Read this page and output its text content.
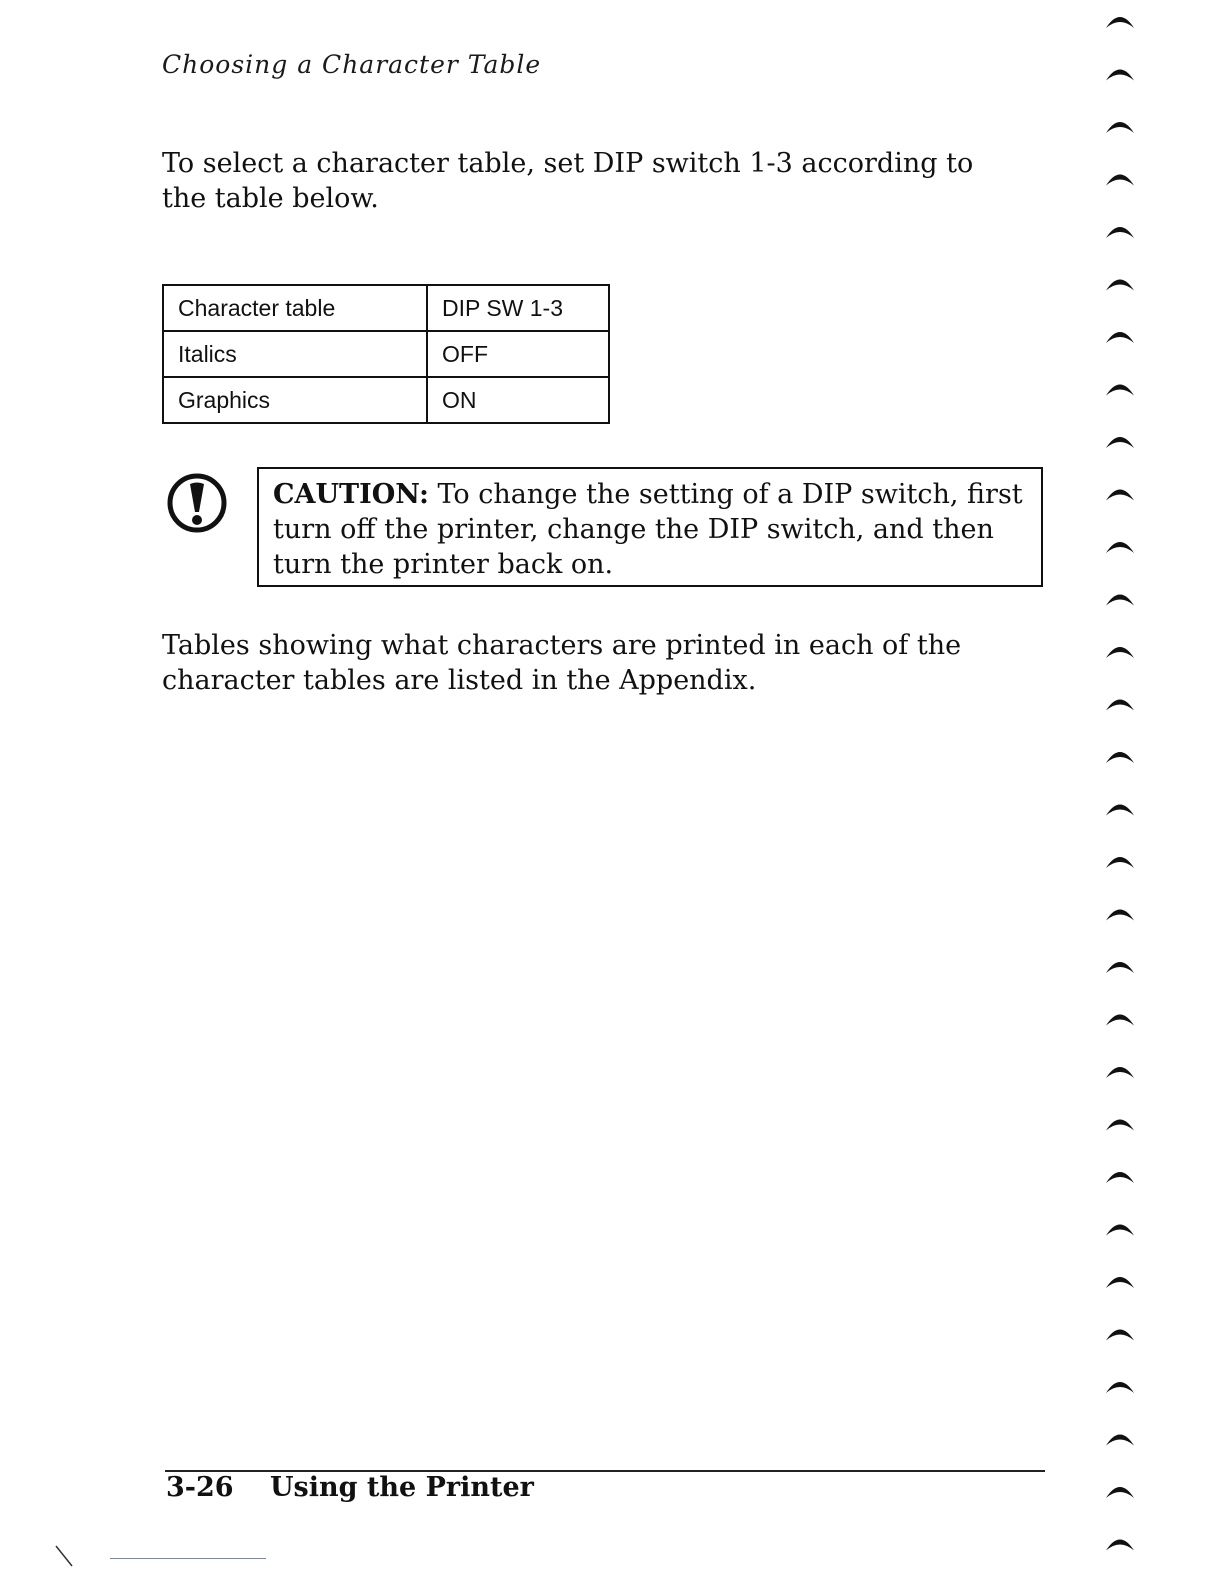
Choosing a Character Table

To select a character table, set DIP switch 1-3 according to the table below.

Character table	DIP SW 1-3
Italics	OFF
Graphics	ON

CAUTION: To change the setting of a DIP switch, first turn off the printer, change the DIP switch, and then turn the printer back on.

Tables showing what characters are printed in each of the character tables are listed in the Appendix.

3-26 Using the Printer
